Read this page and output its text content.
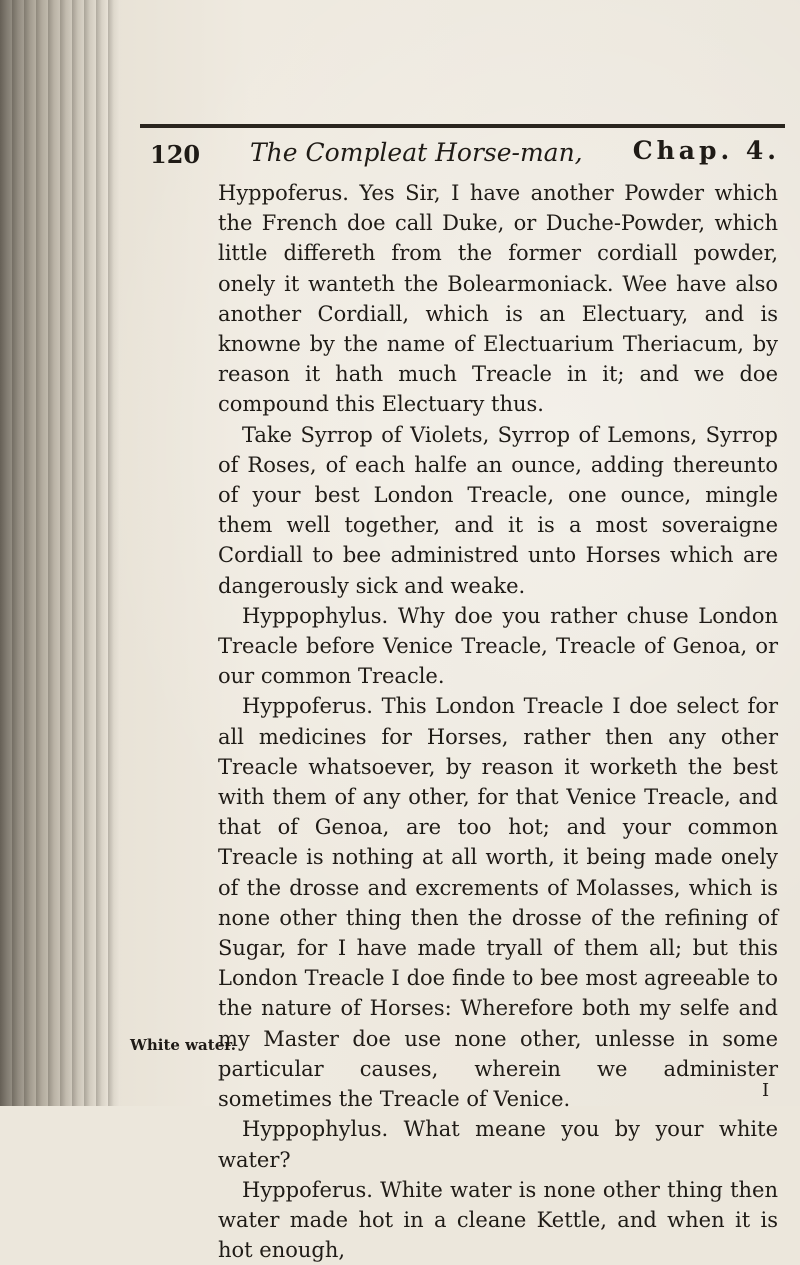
120 The Compleat Horse-man, Chap. 4.

Hyppoferus. Yes Sir, I have another Powder which the French doe call Duke, or Duche-Powder, which little differeth from the former cordiall powder, onely it wanteth the Bolearmoniack. Wee have also another Cordiall, which is an Electuary, and is knowne by the name of Electuarium Theriacum, by reason it hath much Treacle in it; and we doe compound this Electuary thus.

Take Syrrop of Violets, Syrrop of Lemons, Syrrop of Roses, of each halfe an ounce, adding thereunto of your best London Treacle, one ounce, mingle them well together, and it is a most soveraigne Cordiall to bee administred unto Horses which are dangerously sick and weake.

Hyppophylus. Why doe you rather chuse London Treacle before Venice Treacle, Treacle of Genoa, or our common Treacle.

Hyppoferus. This London Treacle I doe select for all medicines for Horses, rather then any other Treacle whatsoever, by reason it worketh the best with them of any other, for that Venice Treacle, and that of Genoa, are too hot; and your common Treacle is nothing at all worth, it being made onely of the drosse and excrements of Molasses, which is none other thing then the drosse of the refining of Sugar, for I have made tryall of them all; but this London Treacle I doe finde to bee most agreeable to the nature of Horses: Wherefore both my selfe and my Master doe use none other, unlesse in some particular causes, wherein we administer sometimes the Treacle of Venice.

Hyppophylus. What meane you by your white water?

Hyppoferus. White water is none other thing then water made hot in a cleane Kettle, and when it is hot enough,

White water.
I
